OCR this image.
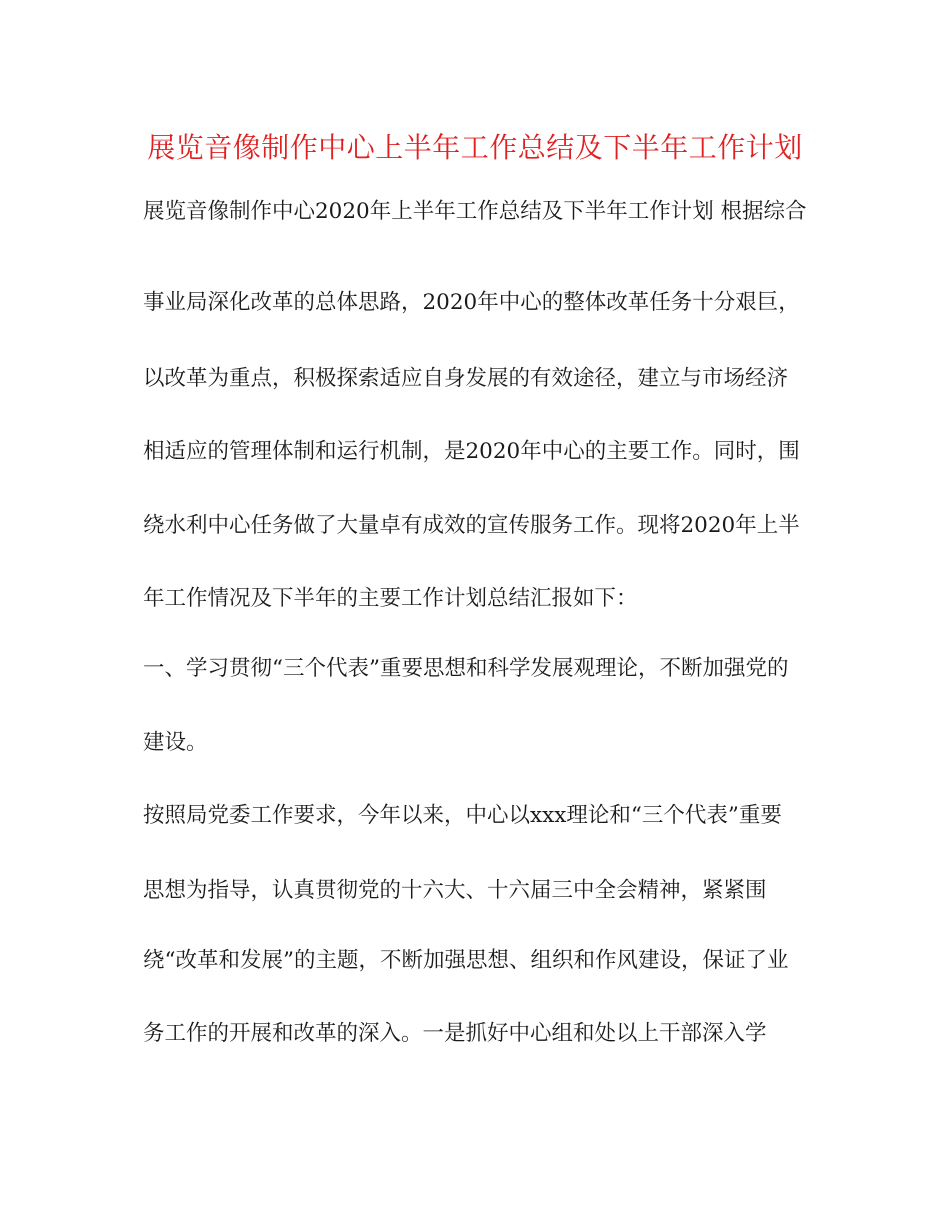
展览音像制作中心上半年工作总结及下半年工作计划

展览音像制作中心2020年上半年工作总结及下半年工作计划 根据综合

事业局深化改革的总体思路，2020年中心的整体改革任务十分艰巨，

以改革为重点，积极探索适应自身发展的有效途径，建立与市场经济

相适应的管理体制和运行机制，是2020年中心的主要工作。同时，围

绕水利中心任务做了大量卓有成效的宣传服务工作。现将2020年上半

年工作情况及下半年的主要工作计划总结汇报如下：

一、学习贯彻“三个代表”重要思想和科学发展观理论，不断加强党的

建设。

按照局党委工作要求，今年以来，中心以xxx理论和“三个代表”重要

思想为指导，认真贯彻党的十六大、十六届三中全会精神，紧紧围

绕“改革和发展”的主题，不断加强思想、组织和作风建设，保证了业

务工作的开展和改革的深入。一是抓好中心组和处以上干部深入学
